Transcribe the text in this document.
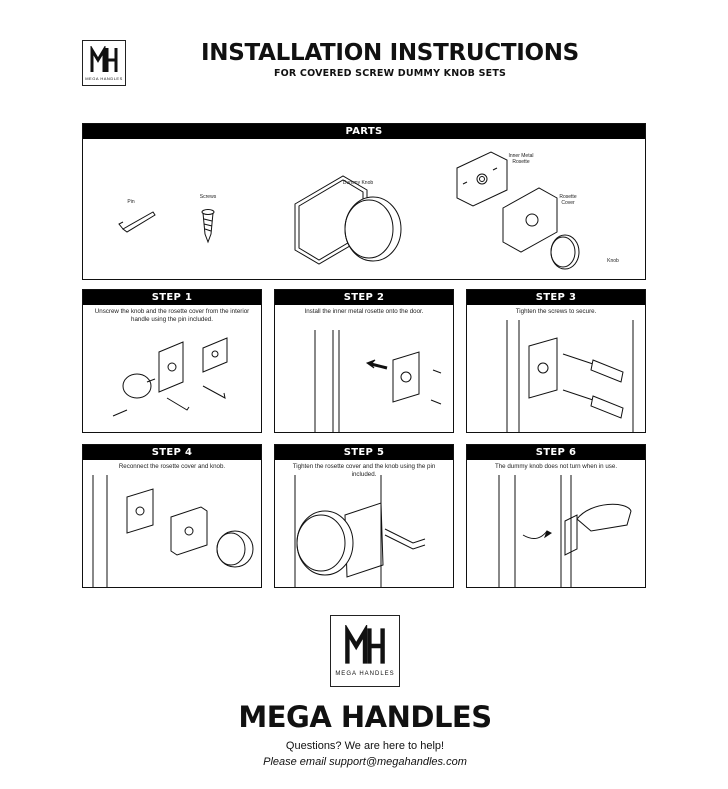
MEGA HANDLES
INSTALLATION INSTRUCTIONS
FOR COVERED SCREW DUMMY KNOB SETS
PARTS
Pin
Screws
Dummy Knob
Inner Metal Rosette
Rosette Cover
Knob
STEP 1
Unscrew the knob and the rosette cover from the interior handle using the pin included.
STEP 2
Install the inner metal rosette onto the door.
STEP 3
Tighten the screws to secure.
STEP 4
Reconnect the rosette cover and knob.
STEP 5
Tighten the rosette cover and the knob using the pin included.
STEP 6
The dummy knob does not turn when in use.
MEGA HANDLES
MEGA HANDLES
Questions? We are here to help!
Please email support@megahandles.com
